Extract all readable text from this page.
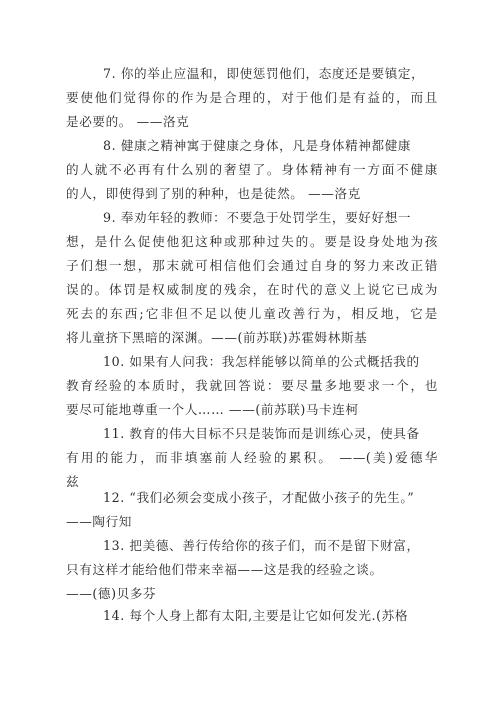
7. 你的举止应温和，即使惩罚他们，态度还是要镇定，
要使他们觉得你的作为是合理的，对于他们是有益的，而且
是必要的。 ——洛克
8. 健康之精神寓于健康之身体，凡是身体精神都健康
的人就不必再有什么别的奢望了。身体精神有一方面不健康
的人，即使得到了别的种种，也是徒然。 ——洛克
9. 奉劝年轻的教师：不要急于处罚学生，要好好想一
想，是什么促使他犯这种或那种过失的。要是设身处地为孩
子们想一想，那末就可相信他们会通过自身的努力来改正错
误的。体罚是权威制度的残余，在时代的意义上说它已成为
死去的东西;它非但不足以使儿童改善行为，相反地，它是
将儿童挤下黑暗的深渊。——(前苏联)苏霍姆林斯基
10. 如果有人问我：我怎样能够以简单的公式概括我的
教育经验的本质时，我就回答说：要尽量多地要求一个，也
要尽可能地尊重一个人…… ——(前苏联)马卡连柯
11. 教育的伟大目标不只是装饰而是训练心灵，使具备
有用的能力，而非填塞前人经验的累积。 ——(美)爱德华
兹
12. “我们必须会变成小孩子，才配做小孩子的先生。”
——陶行知
13. 把美德、善行传给你的孩子们，而不是留下财富，
只有这样才能给他们带来幸福——这是我的经验之谈。
——(德)贝多芬
14. 每个人身上都有太阳,主要是让它如何发光.(苏格
